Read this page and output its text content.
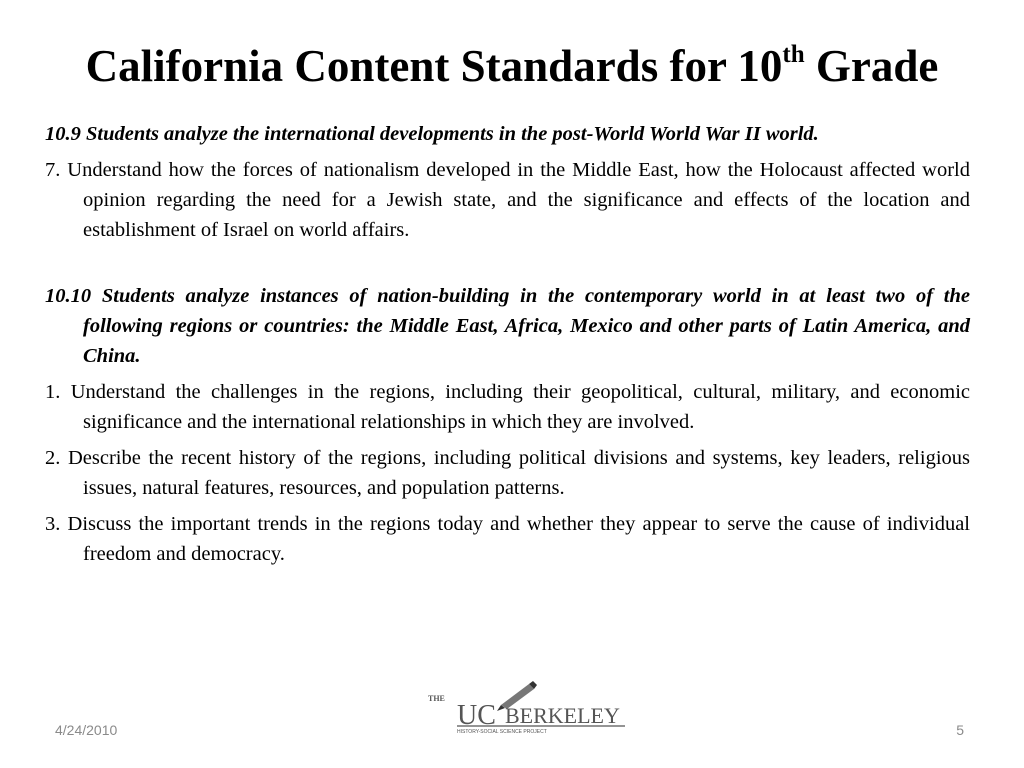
California Content Standards for 10th Grade

10.9 Students analyze the international developments in the post-World World War II world.

7. Understand how the forces of nationalism developed in the Middle East, how the Holocaust affected world opinion regarding the need for a Jewish state, and the significance and effects of the location and establishment of Israel on world affairs.

10.10 Students analyze instances of nation-building in the contemporary world in at least two of the following regions or countries: the Middle East, Africa, Mexico and other parts of Latin America, and China.

1. Understand the challenges in the regions, including their geopolitical, cultural, military, and economic significance and the international relationships in which they are involved.

2. Describe the recent history of the regions, including political divisions and systems, key leaders, religious issues, natural features, resources, and population patterns.

3. Discuss the important trends in the regions today and whether they appear to serve the cause of individual freedom and democracy.

THE
UC BERKELEY
HISTORY-SOCIAL SCIENCE PROJECT
4/24/2010	5
